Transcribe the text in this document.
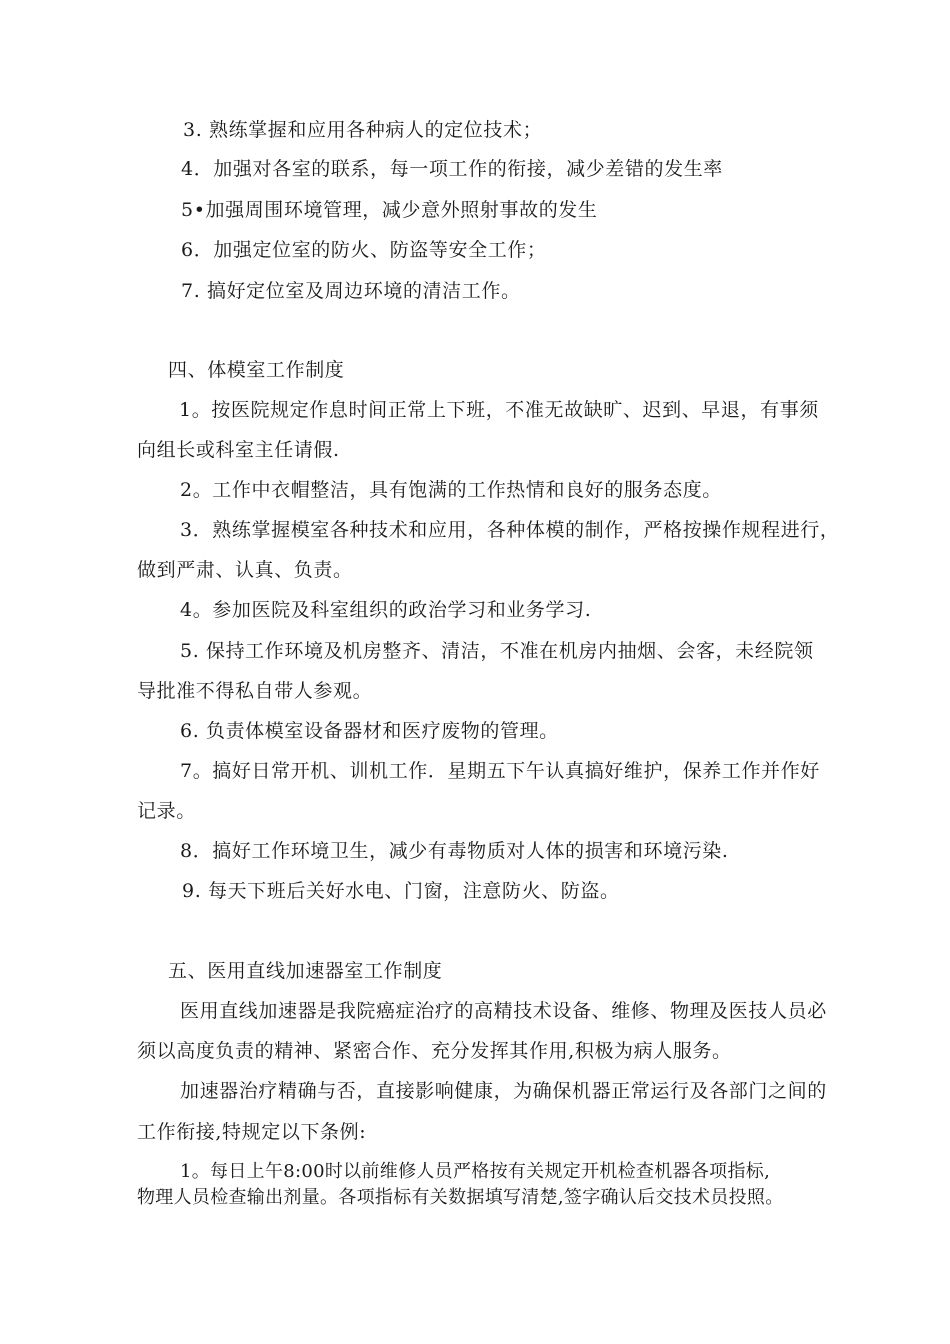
3. 熟练掌握和应用各种病人的定位技术；
4．加强对各室的联系，每一项工作的衔接，减少差错的发生率
5•加强周围环境管理，减少意外照射事故的发生
6．加强定位室的防火、防盗等安全工作；
7. 搞好定位室及周边环境的清洁工作。
四、体模室工作制度
1。按医院规定作息时间正常上下班，不准无故缺旷、迟到、早退，有事须
向组长或科室主任请假.
2。工作中衣帽整洁，具有饱满的工作热情和良好的服务态度。
3．熟练掌握模室各种技术和应用，各种体模的制作，严格按操作规程进行，
做到严肃、认真、负责。
4。参加医院及科室组织的政治学习和业务学习.
5. 保持工作环境及机房整齐、清洁，不准在机房内抽烟、会客，未经院领
导批准不得私自带人参观。
6. 负责体模室设备器材和医疗废物的管理。
7。搞好日常开机、训机工作．星期五下午认真搞好维护，保养工作并作好
记录。
8．搞好工作环境卫生，减少有毒物质对人体的损害和环境污染.
9. 每天下班后关好水电、门窗，注意防火、防盗。
五、医用直线加速器室工作制度
医用直线加速器是我院癌症治疗的高精技术设备、维修、物理及医技人员必
须以高度负责的精神、紧密合作、充分发挥其作用,积极为病人服务。
加速器治疗精确与否，直接影响健康，为确保机器正常运行及各部门之间的
工作衔接,特规定以下条例:
1。每日上午8:00时以前维修人员严格按有关规定开机检查机器各项指标,
物理人员检查输出剂量。各项指标有关数据填写清楚,签字确认后交技术员投照。
